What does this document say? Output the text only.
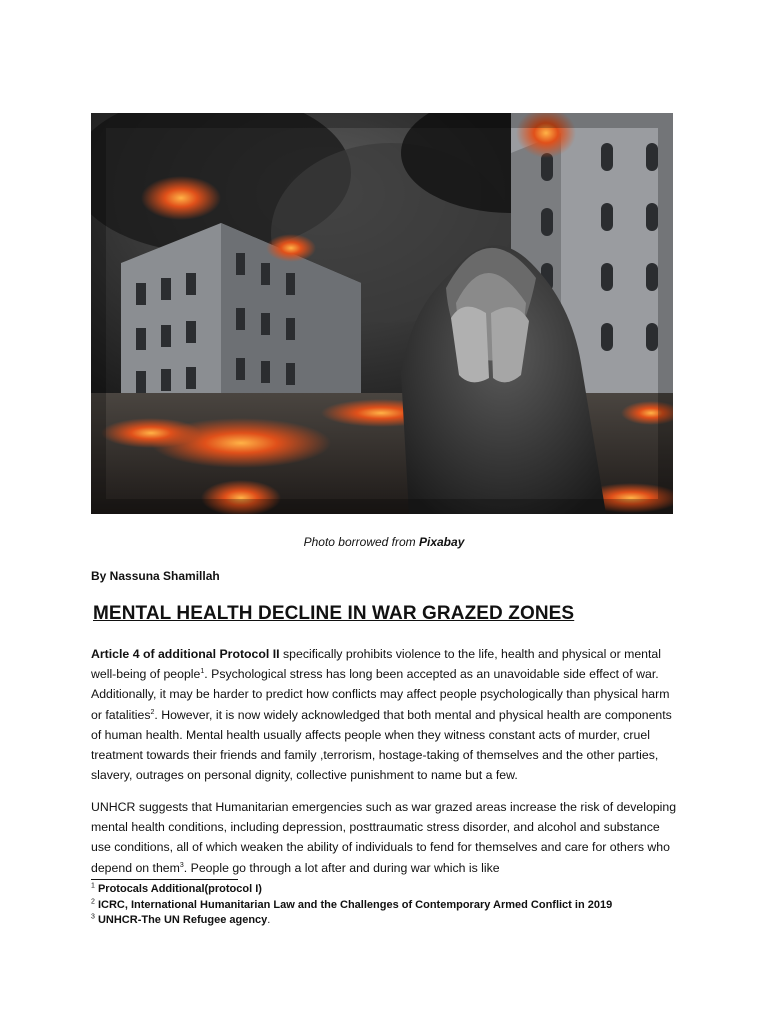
Photo borrowed from Pixabay
By Nassuna Shamillah
MENTAL HEALTH DECLINE IN WAR GRAZED ZONES
Article 4 of additional Protocol II specifically prohibits violence to the life, health and physical or mental well-being of people$^1$. Psychological stress has long been accepted as an unavoidable side effect of war. Additionally, it may be harder to predict how conflicts may affect people psychologically than physical harm or fatalities$^2$. However, it is now widely acknowledged that both mental and physical health are components of human health. Mental health usually affects people when they witness constant acts of murder, cruel treatment towards their friends and family ,terrorism, hostage-taking of themselves and the other parties, slavery, outrages on personal dignity, collective punishment to name but a few.
UNHCR suggests that Humanitarian emergencies such as war grazed areas increase the risk of developing mental health conditions, including depression, posttraumatic stress disorder, and alcohol and substance use conditions, all of which weaken the ability of individuals to fend for themselves and care for others who depend on them$^3$. People go through a lot after and during war which is like
$^1$ Protocals Additional(protocol I)
$^2$ ICRC, International Humanitarian Law and the Challenges of Contemporary Armed Conflict in 2019
$^3$ UNHCR-The UN Refugee agency.
